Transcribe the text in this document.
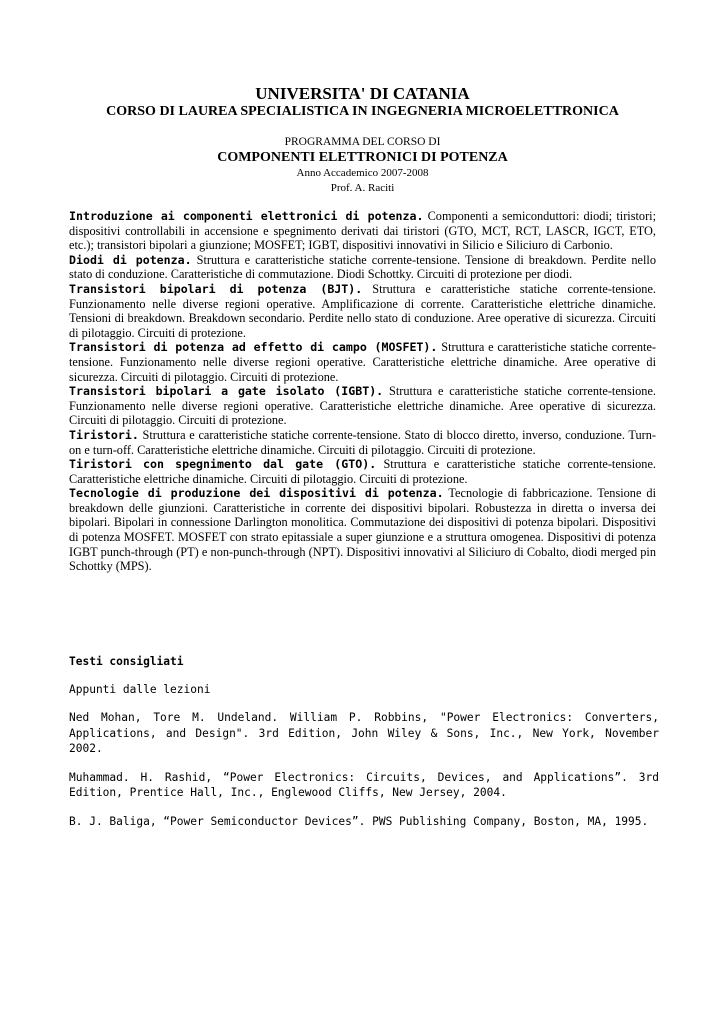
UNIVERSITA' DI CATANIA
CORSO DI LAUREA SPECIALISTICA IN INGEGNERIA MICROELETTRONICA
PROGRAMMA DEL CORSO DI
COMPONENTI ELETTRONICI DI POTENZA
Anno Accademico 2007-2008
Prof. A. Raciti

Introduzione ai componenti elettronici di potenza. Componenti a semiconduttori: diodi; tiristori; dispositivi controllabili in accensione e spegnimento derivati dai tiristori (GTO, MCT, RCT, LASCR, IGCT, ETO, etc.); transistori bipolari a giunzione; MOSFET; IGBT, dispositivi innovativi in Silicio e Siliciuro di Carbonio.

Diodi di potenza. Struttura e caratteristiche statiche corrente-tensione. Tensione di breakdown. Perdite nello stato di conduzione. Caratteristiche di commutazione. Diodi Schottky. Circuiti di protezione per diodi.

Transistori bipolari di potenza (BJT). Struttura e caratteristiche statiche corrente-tensione. Funzionamento nelle diverse regioni operative. Amplificazione di corrente. Caratteristiche elettriche dinamiche. Tensioni di breakdown. Breakdown secondario. Perdite nello stato di conduzione. Aree operative di sicurezza. Circuiti di pilotaggio. Circuiti di protezione.

Transistori di potenza ad effetto di campo (MOSFET). Struttura e caratteristiche statiche corrente-tensione. Funzionamento nelle diverse regioni operative. Caratteristiche elettriche dinamiche. Aree operative di sicurezza. Circuiti di pilotaggio. Circuiti di protezione.

Transistori bipolari a gate isolato (IGBT). Struttura e caratteristiche statiche corrente-tensione. Funzionamento nelle diverse regioni operative. Caratteristiche elettriche dinamiche. Aree operative di sicurezza. Circuiti di pilotaggio. Circuiti di protezione.

Tiristori. Struttura e caratteristiche statiche corrente-tensione. Stato di blocco diretto, inverso, conduzione. Turn-on e turn-off. Caratteristiche elettriche dinamiche. Circuiti di pilotaggio. Circuiti di protezione.

Tiristori con spegnimento dal gate (GTO). Struttura e caratteristiche statiche corrente-tensione. Caratteristiche elettriche dinamiche. Circuiti di pilotaggio. Circuiti di protezione.

Tecnologie di produzione dei dispositivi di potenza. Tecnologie di fabbricazione. Tensione di breakdown delle giunzioni. Caratteristiche in corrente dei dispositivi bipolari. Robustezza in diretta o inversa dei bipolari. Bipolari in connessione Darlington monolitica. Commutazione dei dispositivi di potenza bipolari. Dispositivi di potenza MOSFET. MOSFET con strato epitassiale a super giunzione e a struttura omogenea. Dispositivi di potenza IGBT punch-through (PT) e non-punch-through (NPT). Dispositivi innovativi al Siliciuro di Cobalto, diodi merged pin Schottky (MPS).

Testi consigliati

Appunti dalle lezioni

Ned Mohan, Tore M. Undeland. William P. Robbins, "Power Electronics: Converters, Applications, and Design". 3rd Edition, John Wiley & Sons, Inc., New York, November 2002.

Muhammad. H. Rashid, “Power Electronics: Circuits, Devices, and Applications”. 3rd Edition, Prentice Hall, Inc., Englewood Cliffs, New Jersey, 2004.

B. J. Baliga, “Power Semiconductor Devices”. PWS Publishing Company, Boston, MA, 1995.
